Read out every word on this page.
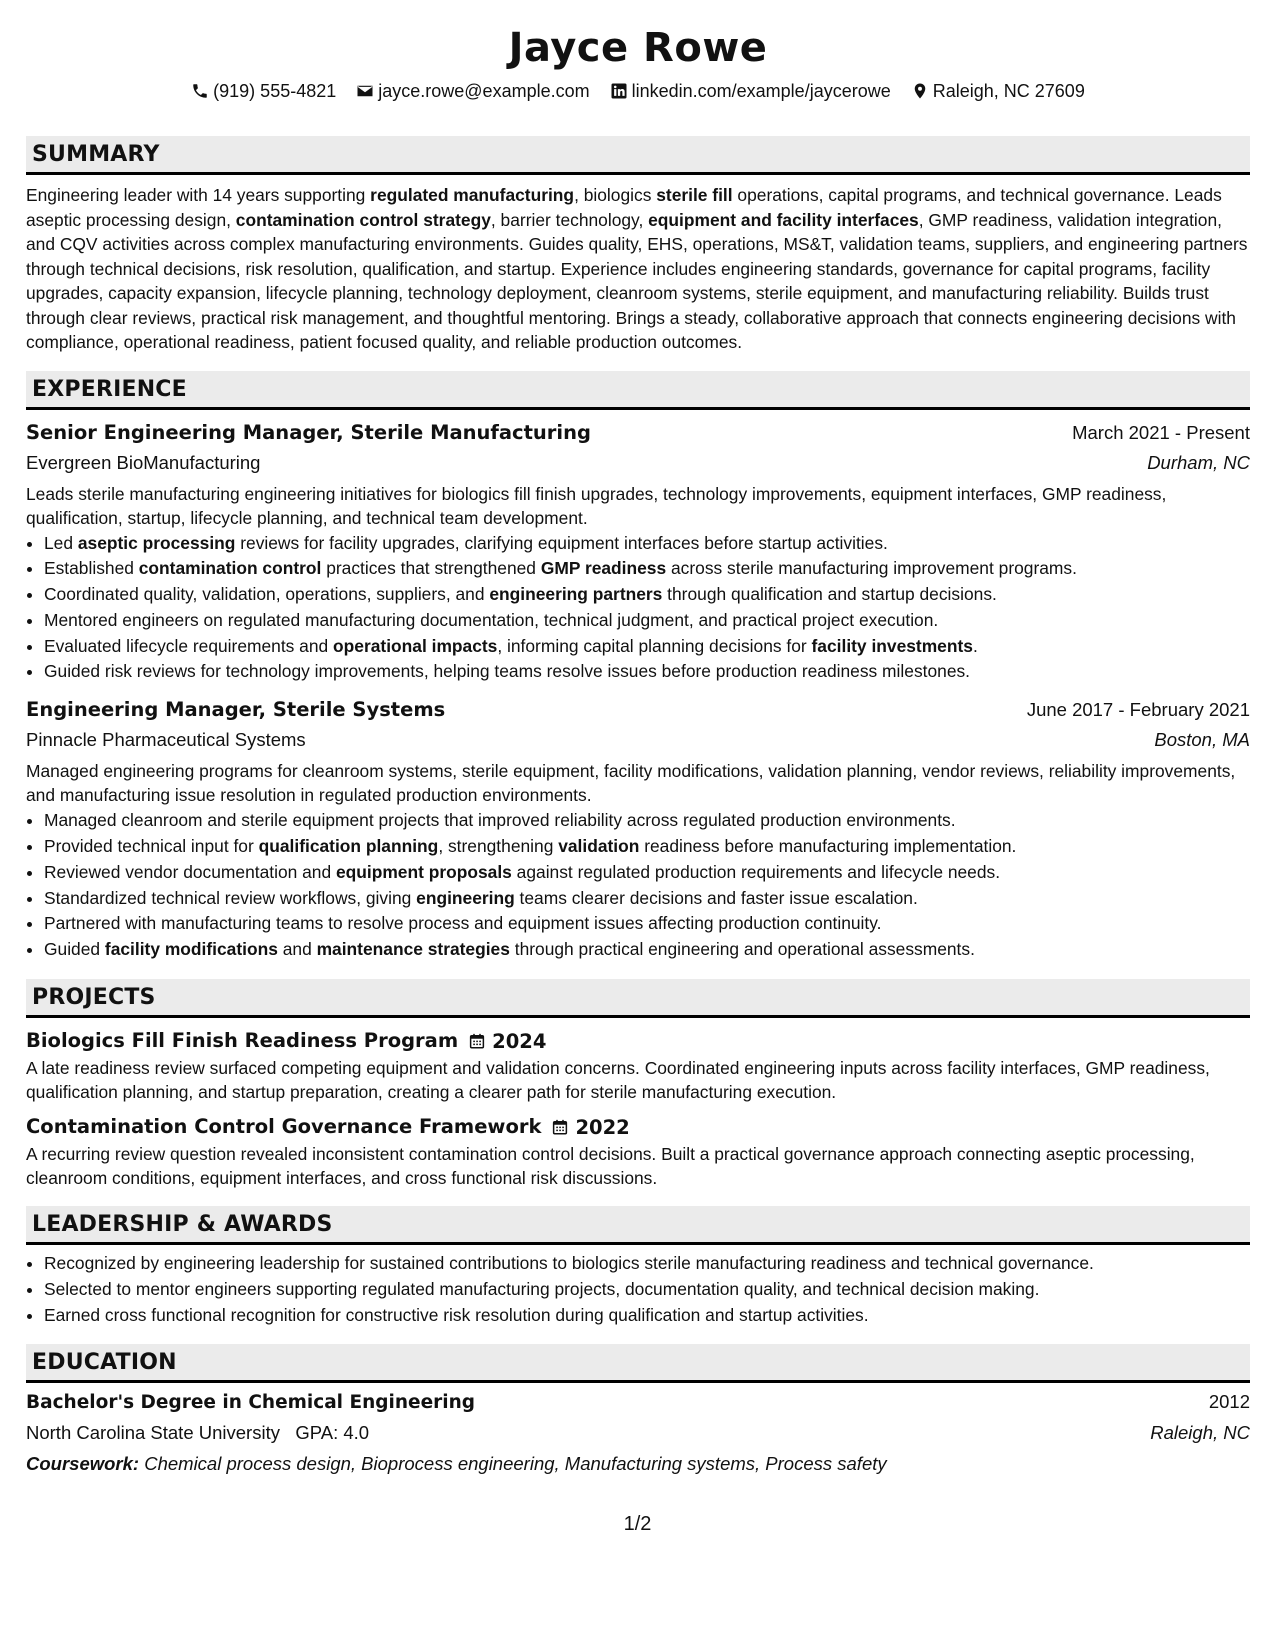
Jayce Rowe
(919) 555-4821 jayce.rowe@example.com linkedin.com/example/jaycerowe Raleigh, NC 27609
SUMMARY

Engineering leader with 14 years supporting regulated manufacturing, biologics sterile fill operations, capital programs, and technical governance. Leads aseptic processing design, contamination control strategy, barrier technology, equipment and facility interfaces, GMP readiness, validation integration, and CQV activities across complex manufacturing environments. Guides quality, EHS, operations, MS&T, validation teams, suppliers, and engineering partners through technical decisions, risk resolution, qualification, and startup. Experience includes engineering standards, governance for capital programs, facility upgrades, capacity expansion, lifecycle planning, technology deployment, cleanroom systems, sterile equipment, and manufacturing reliability. Builds trust through clear reviews, practical risk management, and thoughtful mentoring. Brings a steady, collaborative approach that connects engineering decisions with compliance, operational readiness, patient focused quality, and reliable production outcomes.

EXPERIENCE
Senior Engineering Manager, Sterile Manufacturing	March 2021 - Present
Evergreen BioManufacturing	Durham, NC
Leads sterile manufacturing engineering initiatives for biologics fill finish upgrades, technology improvements, equipment interfaces, GMP readiness, qualification, startup, lifecycle planning, and technical team development.
• Led aseptic processing reviews for facility upgrades, clarifying equipment interfaces before startup activities.
• Established contamination control practices that strengthened GMP readiness across sterile manufacturing improvement programs.
• Coordinated quality, validation, operations, suppliers, and engineering partners through qualification and startup decisions.
• Mentored engineers on regulated manufacturing documentation, technical judgment, and practical project execution.
• Evaluated lifecycle requirements and operational impacts, informing capital planning decisions for facility investments.
• Guided risk reviews for technology improvements, helping teams resolve issues before production readiness milestones.
Engineering Manager, Sterile Systems	June 2017 - February 2021
Pinnacle Pharmaceutical Systems	Boston, MA
Managed engineering programs for cleanroom systems, sterile equipment, facility modifications, validation planning, vendor reviews, reliability improvements, and manufacturing issue resolution in regulated production environments.
• Managed cleanroom and sterile equipment projects that improved reliability across regulated production environments.
• Provided technical input for qualification planning, strengthening validation readiness before manufacturing implementation.
• Reviewed vendor documentation and equipment proposals against regulated production requirements and lifecycle needs.
• Standardized technical review workflows, giving engineering teams clearer decisions and faster issue escalation.
• Partnered with manufacturing teams to resolve process and equipment issues affecting production continuity.
• Guided facility modifications and maintenance strategies through practical engineering and operational assessments.
PROJECTS
Biologics Fill Finish Readiness Program 2024
A late readiness review surfaced competing equipment and validation concerns. Coordinated engineering inputs across facility interfaces, GMP readiness, qualification planning, and startup preparation, creating a clearer path for sterile manufacturing execution.
Contamination Control Governance Framework 2022
A recurring review question revealed inconsistent contamination control decisions. Built a practical governance approach connecting aseptic processing, cleanroom conditions, equipment interfaces, and cross functional risk discussions.
LEADERSHIP & AWARDS
• Recognized by engineering leadership for sustained contributions to biologics sterile manufacturing readiness and technical governance.
• Selected to mentor engineers supporting regulated manufacturing projects, documentation quality, and technical decision making.
• Earned cross functional recognition for constructive risk resolution during qualification and startup activities.
EDUCATION
Bachelor's Degree in Chemical Engineering	2012
North Carolina State University GPA: 4.0	Raleigh, NC
Coursework: Chemical process design, Bioprocess engineering, Manufacturing systems, Process safety
1/2
